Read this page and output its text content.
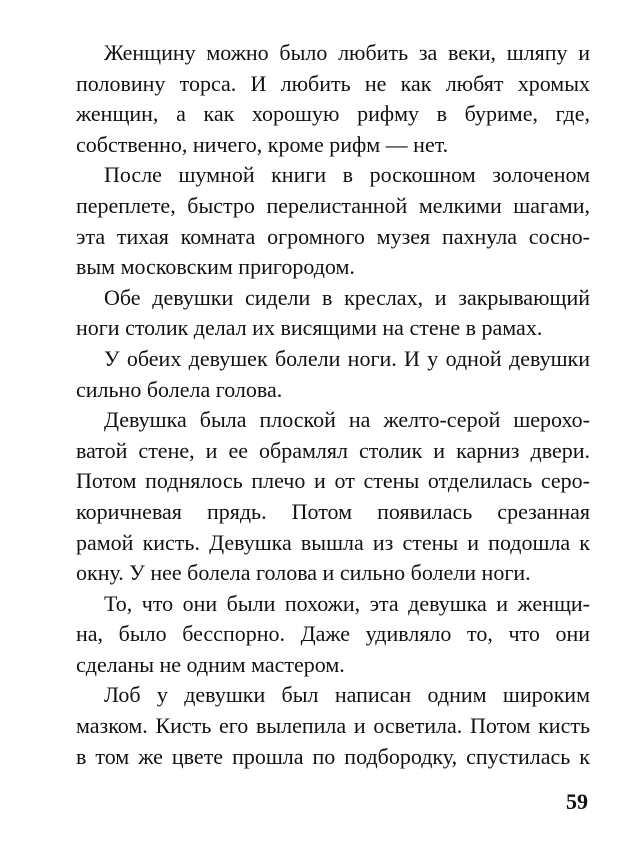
Женщину можно было любить за веки, шляпу и
половину торса. И любить не как любят хромых
женщин, а как хорошую рифму в буриме, где,
собственно, ничего, кроме рифм — нет.
После шумной книги в роскошном золоченом
переплете, быстро перелистанной мелкими шагами,
эта тихая комната огромного музея пахнула сосно-
вым московским пригородом.
Обе девушки сидели в креслах, и закрывающий
ноги столик делал их висящими на стене в рамах.
У обеих девушек болели ноги. И у одной девушки
сильно болела голова.
Девушка была плоской на желто-серой шерохо-
ватой стене, и ее обрамлял столик и карниз двери.
Потом поднялось плечо и от стены отделилась серо-
коричневая прядь. Потом появилась срезанная
рамой кисть. Девушка вышла из стены и подошла к
окну. У нее болела голова и сильно болели ноги.
То, что они были похожи, эта девушка и женщи-
на, было бесспорно. Даже удивляло то, что они
сделаны не одним мастером.
Лоб у девушки был написан одним широким
мазком. Кисть его вылепила и осветила. Потом кисть
в том же цвете прошла по подбородку, спустилась к
59
